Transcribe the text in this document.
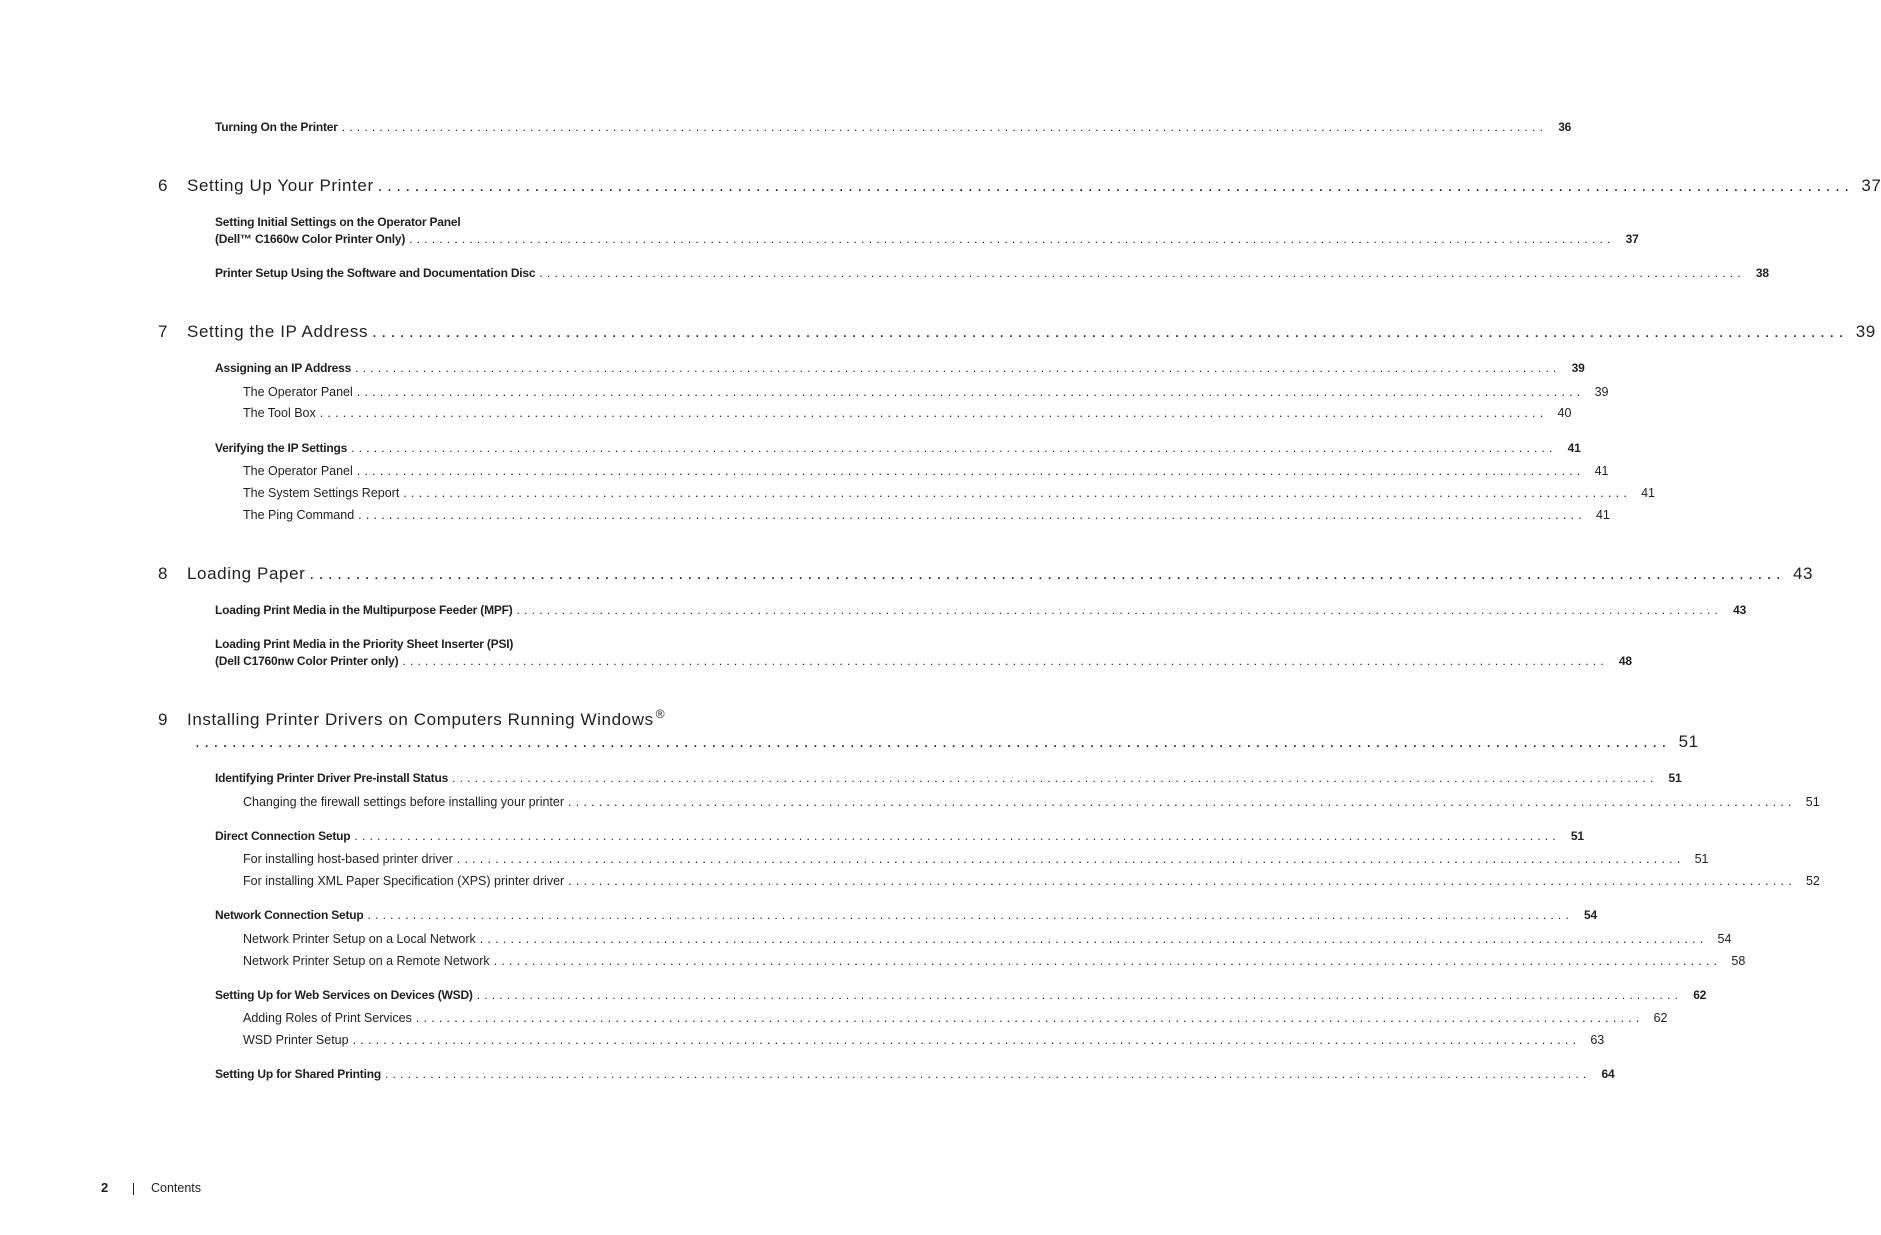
Turning On the Printer ................................................................................................................................................................ 36
6	Setting Up Your Printer ................................................................................................................................................................ 37
Setting Initial Settings on the Operator Panel
(Dell™ C1660w Color Printer Only) ................................................................................................................................................................ 37
Printer Setup Using the Software and Documentation Disc ................................................................................................................................................................ 38
7	Setting the IP Address ................................................................................................................................................................ 39
Assigning an IP Address ................................................................................................................................................................ 39
The Operator Panel ................................................................................................................................................................ 39
The Tool Box ................................................................................................................................................................ 40
Verifying the IP Settings ................................................................................................................................................................ 41
The Operator Panel ................................................................................................................................................................ 41
The System Settings Report ................................................................................................................................................................ 41
The Ping Command ................................................................................................................................................................ 41
8	Loading Paper ................................................................................................................................................................ 43
Loading Print Media in the Multipurpose Feeder (MPF) ................................................................................................................................................................ 43
Loading Print Media in the Priority Sheet Inserter (PSI)
(Dell C1760nw Color Printer only) ................................................................................................................................................................ 48
9 Installing Printer Drivers on Computers Running Windows ®
................................................................................................................................................................ 51
Identifying Printer Driver Pre-install Status ................................................................................................................................................................ 51
Changing the firewall settings before installing your printer ................................................................................................................................................................ 51
Direct Connection Setup ................................................................................................................................................................ 51
For installing host-based printer driver ................................................................................................................................................................ 51
For installing XML Paper Specification (XPS) printer driver ................................................................................................................................................................ 52
Network Connection Setup ................................................................................................................................................................ 54
Network Printer Setup on a Local Network ................................................................................................................................................................ 54
Network Printer Setup on a Remote Network ................................................................................................................................................................ 58
Setting Up for Web Services on Devices (WSD) ................................................................................................................................................................ 62
Adding Roles of Print Services ................................................................................................................................................................ 62
WSD Printer Setup ................................................................................................................................................................ 63
Setting Up for Shared Printing ................................................................................................................................................................ 64
2	Contents
